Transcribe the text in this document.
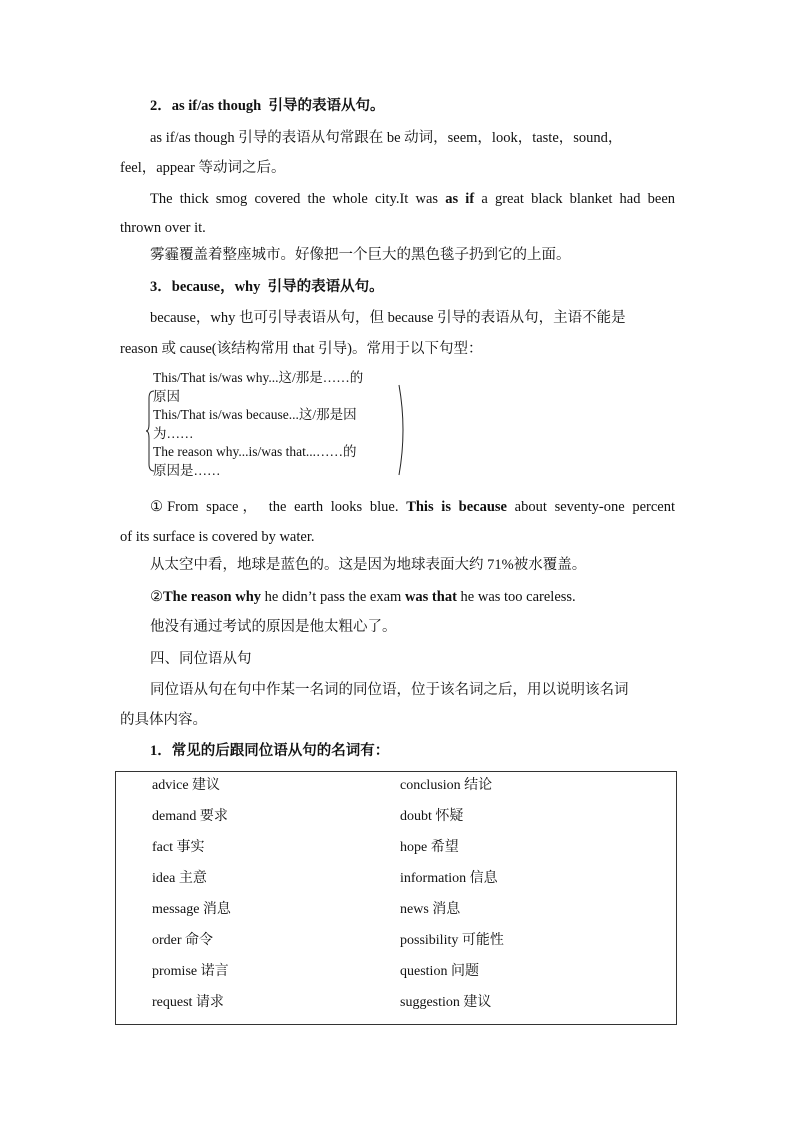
2．as if/as though 引导的表语从句。
as if/as though 引导的表语从句常跟在 be 动词，seem，look，taste，sound，
feel，appear 等动词之后。
The thick smog covered the whole city.It was as if a great black blanket had been
thrown over it.
雾霾覆盖着整座城市。好像把一个巨大的黑色毯子扔到它的上面。
3．because，why 引导的表语从句。
because，why 也可引导表语从句，但 because 引导的表语从句，主语不能是
reason 或 cause(该结构常用 that 引导)。常用于以下句型：
This/That is/was why...这/那是……的
原因
This/That is/was because...这/那是因
为……
The reason why...is/was that...……的
原因是……
①From space， the earth looks blue. This is because about seventy-one percent
of its surface is covered by water.
从太空中看，地球是蓝色的。这是因为地球表面大约 71%被水覆盖。
②The reason why he didn’t pass the exam was that he was too careless.
他没有通过考试的原因是他太粗心了。
四、同位语从句
同位语从句在句中作某一名词的同位语，位于该名词之后，用以说明该名词
的具体内容。
1．常见的后跟同位语从句的名词有：
advice 建议	conclusion 结论
demand 要求	doubt 怀疑
fact 事实	hope 希望
idea 主意	information 信息
message 消息	news 消息
order 命令	possibility 可能性
promise 诺言	question 问题
request 请求	suggestion 建议
